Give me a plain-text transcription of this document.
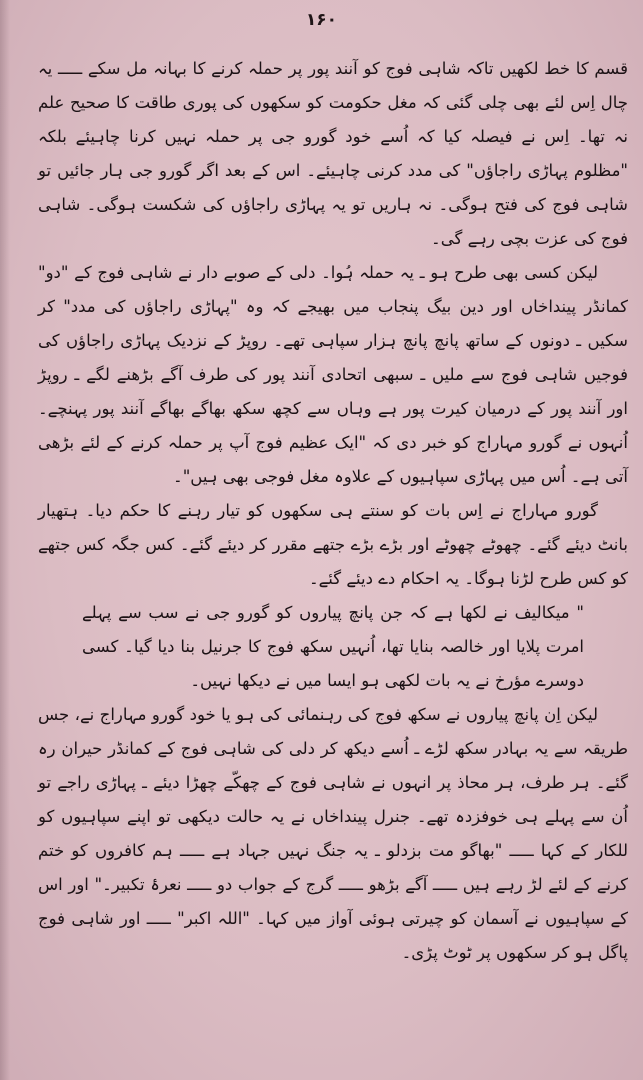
۱۶۰

قسم کا خط لکھیں تاکہ شاہی فوج کو آنند پور پر حملہ کرنے کا بہانہ مل سکے ـــــ یہ چال اِس لئے بھی چلی گئی کہ مغل حکومت کو سکھوں کی پوری طاقت کا صحیح علم نہ تھا۔ اِس نے فیصلہ کیا کہ اُسے خود گورو جی پر حملہ نہیں کرنا چاہیئے بلکہ "مظلوم پہاڑی راجاؤں" کی مدد کرنی چاہیئے۔ اس کے بعد اگر گورو جی ہار جائیں تو شاہی فوج کی فتح ہوگی۔ نہ ہاریں تو یہ پہاڑی راجاؤں کی شکست ہوگی۔ شاہی فوج کی عزت بچی رہے گی۔

لیکن کسی بھی طرح ہو ـ یہ حملہ ہُوا۔ دلی کے صوبے دار نے شاہی فوج کے "دو" کمانڈر پینداخاں اور دین بیگ پنجاب میں بھیجے کہ وہ "پہاڑی راجاؤں کی مدد" کر سکیں ـ دونوں کے ساتھ پانچ پانچ ہزار سپاہی تھے۔ روپڑ کے نزدیک پہاڑی راجاؤں کی فوجیں شاہی فوج سے ملیں ـ سبھی اتحادی آنند پور کی طرف آگے بڑھنے لگے ـ روپڑ اور آنند پور کے درمیان کیرت پور ہے وہاں سے کچھ سکھ بھاگے بھاگے آنند پور پہنچے۔ اُنہوں نے گورو مہاراج کو خبر دی کہ "ایک عظیم فوج آپ پر حملہ کرنے کے لئے بڑھی آتی ہے۔ اُس میں پہاڑی سپاہیوں کے علاوہ مغل فوجی بھی ہیں"۔

گورو مہاراج نے اِس بات کو سنتے ہی سکھوں کو تیار رہنے کا حکم دیا۔ ہتھیار بانٹ دیئے گئے۔ چھوٹے چھوٹے اور بڑے بڑے جتھے مقرر کر دیئے گئے۔ کس جگہ کس جتھے کو کس طرح لڑنا ہوگا۔ یہ احکام دے دیئے گئے۔

" میکالیف نے لکھا ہے کہ جن پانچ پیاروں کو گورو جی نے سب سے پہلے امرت پلایا اور خالصہ بنایا تھا، اُنہیں سکھ فوج کا جرنیل بنا دیا گیا۔ کسی دوسرے مؤرخ نے یہ بات لکھی ہو ایسا میں نے دیکھا نہیں۔

لیکن اِن پانچ پیاروں نے سکھ فوج کی رہنمائی کی ہو یا خود گورو مہاراج نے، جس طریقہ سے یہ بہادر سکھ لڑے ـ اُسے دیکھ کر دلی کی شاہی فوج کے کمانڈر حیران رہ گئے۔ ہر طرف، ہر محاذ پر انہوں نے شاہی فوج کے چھکّے چھڑا دیئے ـ پہاڑی راجے تو اُن سے پہلے ہی خوفزدہ تھے۔ جنرل پینداخاں نے یہ حالت دیکھی تو اپنے سپاہیوں کو للکار کے کہا ـــــ "بھاگو مت بزدلو ـ یہ جنگ نہیں جہاد ہے ـــــ ہم کافروں کو ختم کرنے کے لئے لڑ رہے ہیں ـــــ آگے بڑھو ـــــ گرج کے جواب دو ـــــ نعرۂ تکبیر۔" اور اس کے سپاہیوں نے آسمان کو چیرتی ہوئی آواز میں کہا۔ "اللہ اکبر" ـــــ اور شاہی فوج پاگل ہو کر سکھوں پر ٹوٹ پڑی۔
